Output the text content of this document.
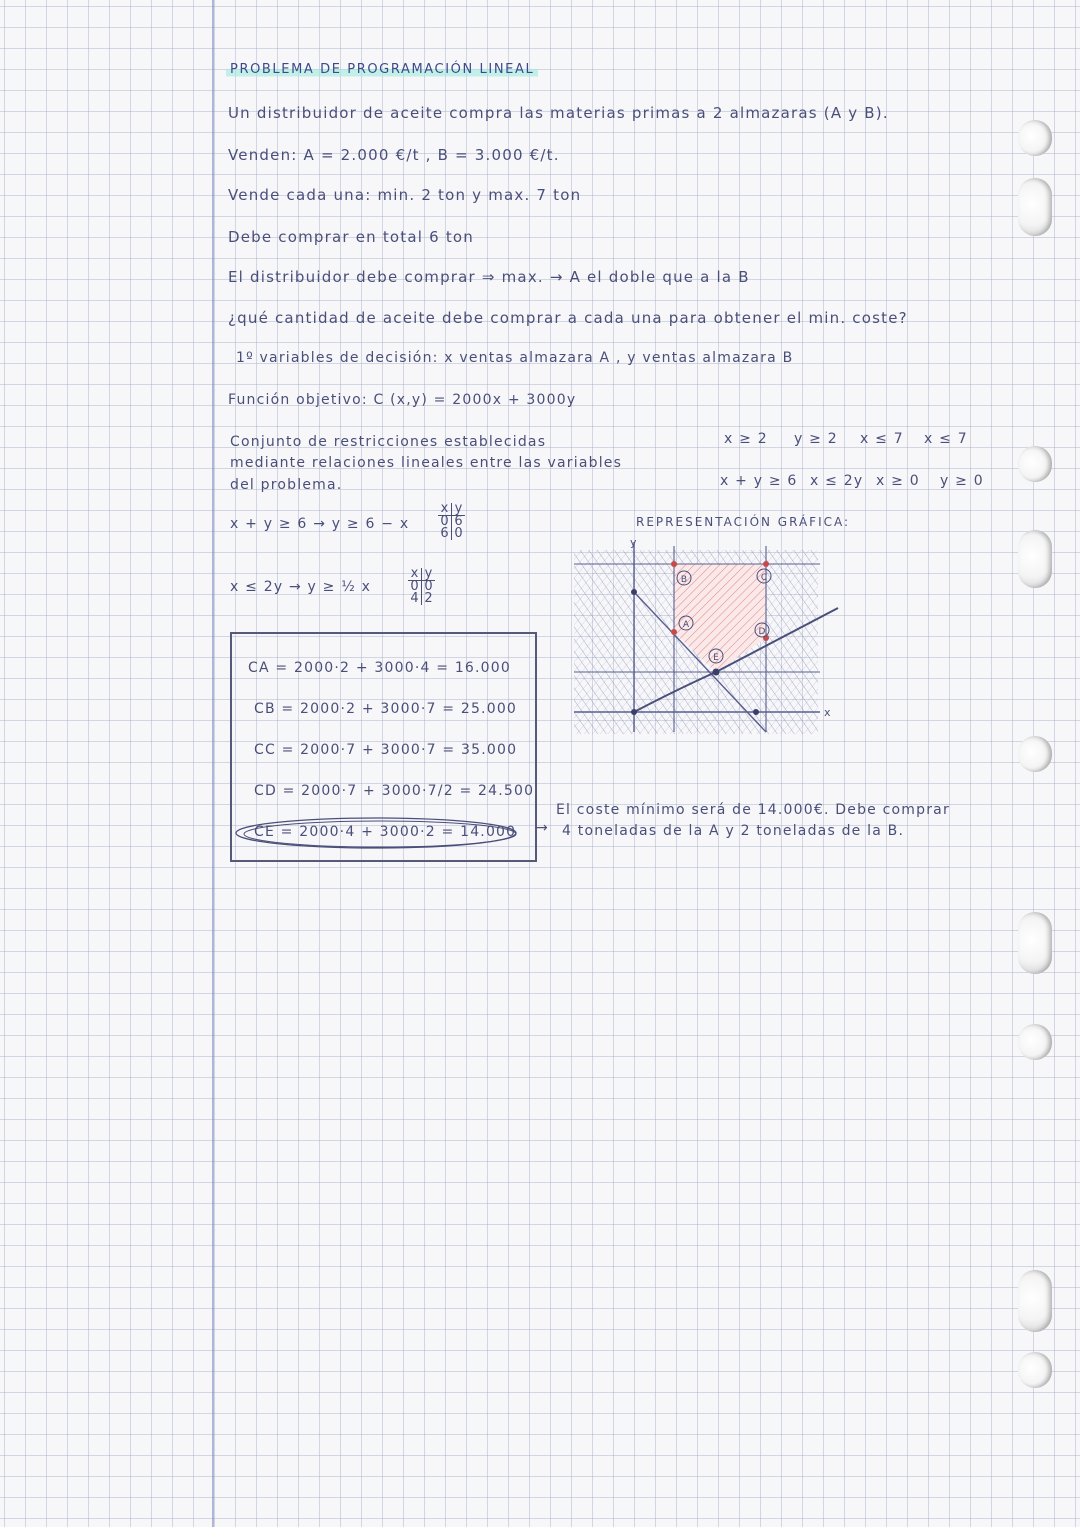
PROBLEMA DE PROGRAMACIÓN LINEAL
Un distribuidor de aceite compra las materias primas a 2 almazaras (A y B).
Venden: A = 2.000 €/t , B = 3.000 €/t.
Vende cada una: min. 2 ton y max. 7 ton
Debe comprar en total 6 ton
El distribuidor debe comprar ⇒ max. → A el doble que a la B
¿qué cantidad de aceite debe comprar a cada una para obtener el min. coste?
1º variables de decisión: x ventas almazara A , y ventas almazara B
Función objetivo: C (x,y) = 2000x + 3000y
Conjunto de restricciones establecidas
mediante relaciones lineales entre las variables
del problema.
x ≥ 2 y ≥ 2 x ≤ 7 x ≤ 7
x + y ≥ 6 x ≤ 2y x ≥ 0 y ≥ 0
x + y ≥ 6 → y ≥ 6 − x
x y
0 6
6 0
x ≤ 2y → y ≥ ½ x
x y
0 0
4 2
REPRESENTACIÓN GRÁFICA:
B
A
C
D
E
y
x
CA = 2000·2 + 3000·4 = 16.000
CB = 2000·2 + 3000·7 = 25.000
CC = 2000·7 + 3000·7 = 35.000
CD = 2000·7 + 3000·7/2 = 24.500
CE = 2000·4 + 3000·2 = 14.000 →
El coste mínimo será de 14.000€. Debe comprar
4 toneladas de la A y 2 toneladas de la B.
